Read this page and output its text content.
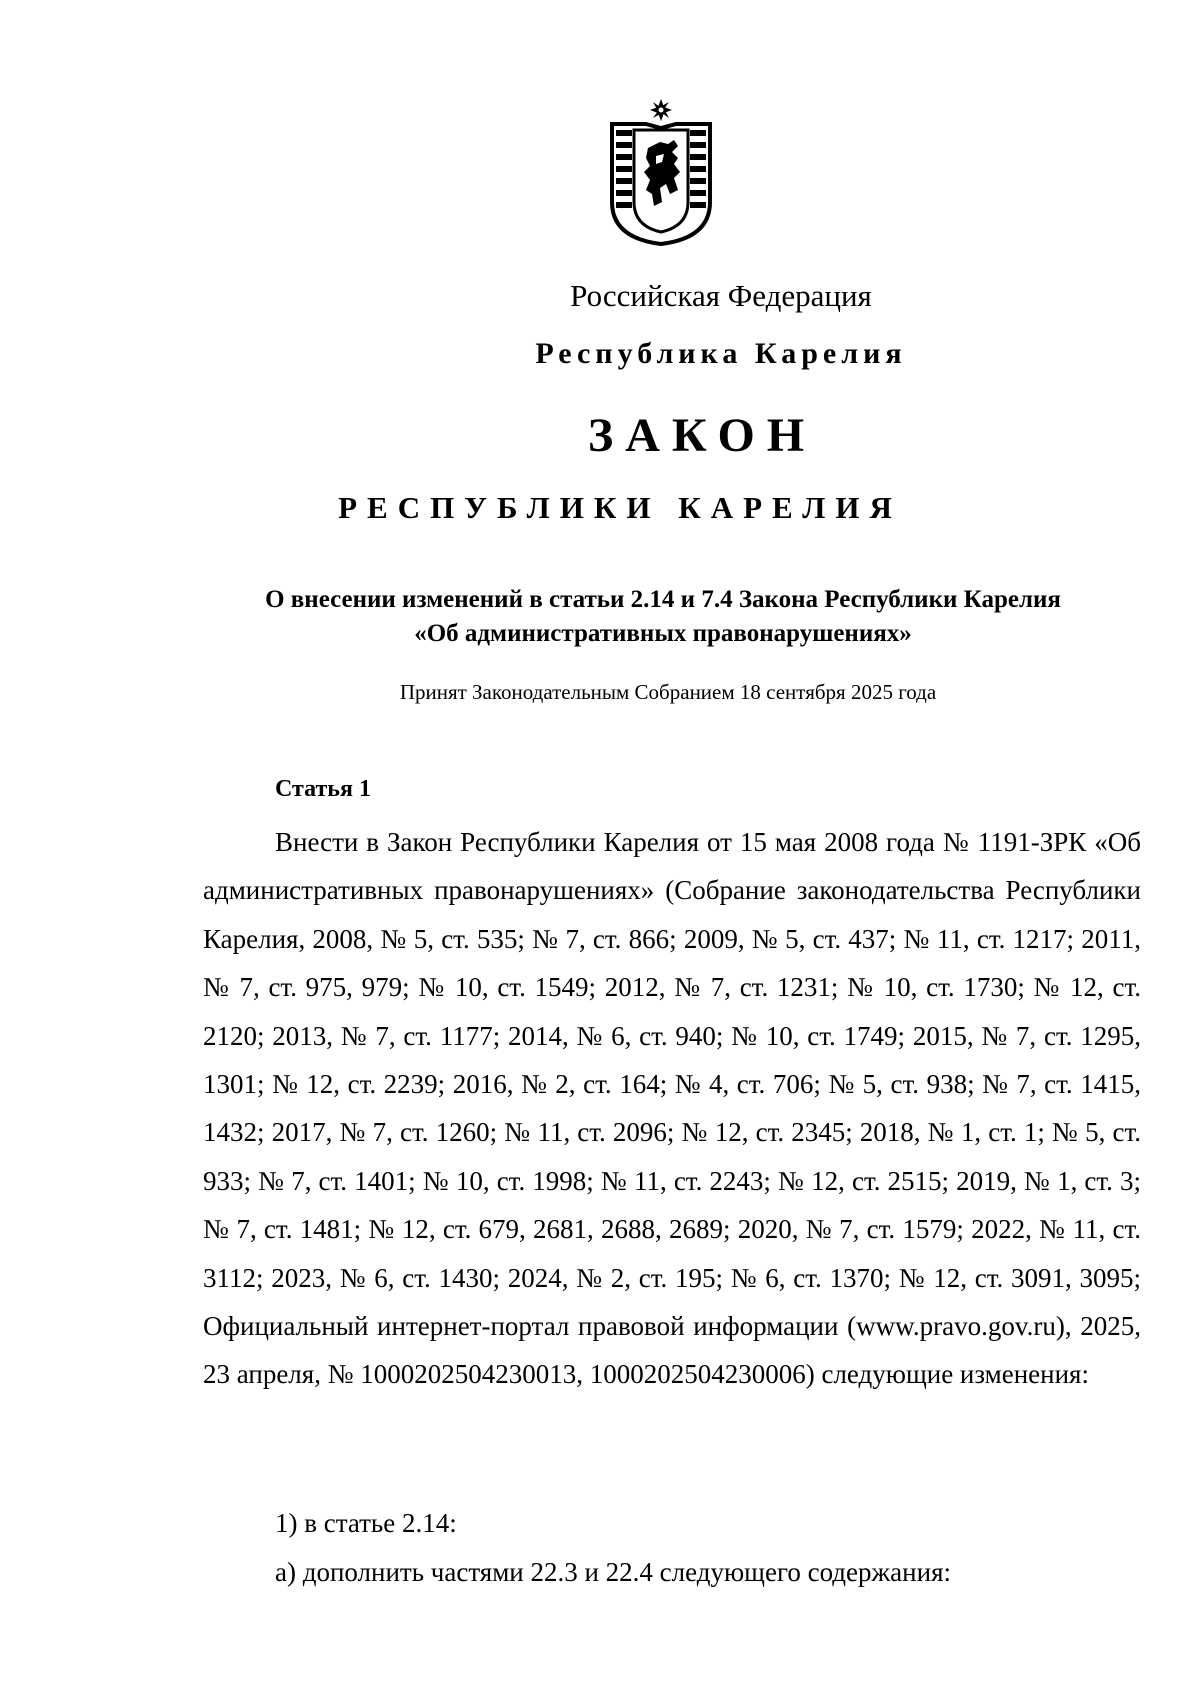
Российская Федерация
Республика Карелия
ЗАКОН
РЕСПУБЛИКИ КАРЕЛИЯ
О внесении изменений в статьи 2.14 и 7.4 Закона Республики Карелия
«Об административных правонарушениях»
Принят Законодательным Собранием 18 сентября 2025 года
Статья 1

Внести в Закон Республики Карелия от 15 мая 2008 года № 1191-ЗРК «Об административных правонарушениях» (Собрание законодательства Республики Карелия, 2008, № 5, ст. 535; № 7, ст. 866; 2009, № 5, ст. 437; № 11, ст. 1217; 2011, № 7, ст. 975, 979; № 10, ст. 1549; 2012, № 7, ст. 1231; № 10, ст. 1730; № 12, ст. 2120; 2013, № 7, ст. 1177; 2014, № 6, ст. 940; № 10, ст. 1749; 2015, № 7, ст. 1295, 1301; № 12, ст. 2239; 2016, № 2, ст. 164; № 4, ст. 706; № 5, ст. 938; № 7, ст. 1415, 1432; 2017, № 7, ст. 1260; № 11, ст. 2096; № 12, ст. 2345; 2018, № 1, ст. 1; № 5, ст. 933; № 7, ст. 1401; № 10, ст. 1998; № 11, ст. 2243; № 12, ст. 2515; 2019, № 1, ст. 3; № 7, ст. 1481; № 12, ст. 679, 2681, 2688, 2689; 2020, № 7, ст. 1579; 2022, № 11, ст. 3112; 2023, № 6, ст. 1430; 2024, № 2, ст. 195; № 6, ст. 1370; № 12, ст. 3091, 3095; Официальный интернет-портал правовой информации (www.pravo.gov.ru), 2025, 23 апреля, № 1000202504230013, 1000202504230006) следующие изменения:

1) в статье 2.14:
а) дополнить частями 22.3 и 22.4 следующего содержания:
